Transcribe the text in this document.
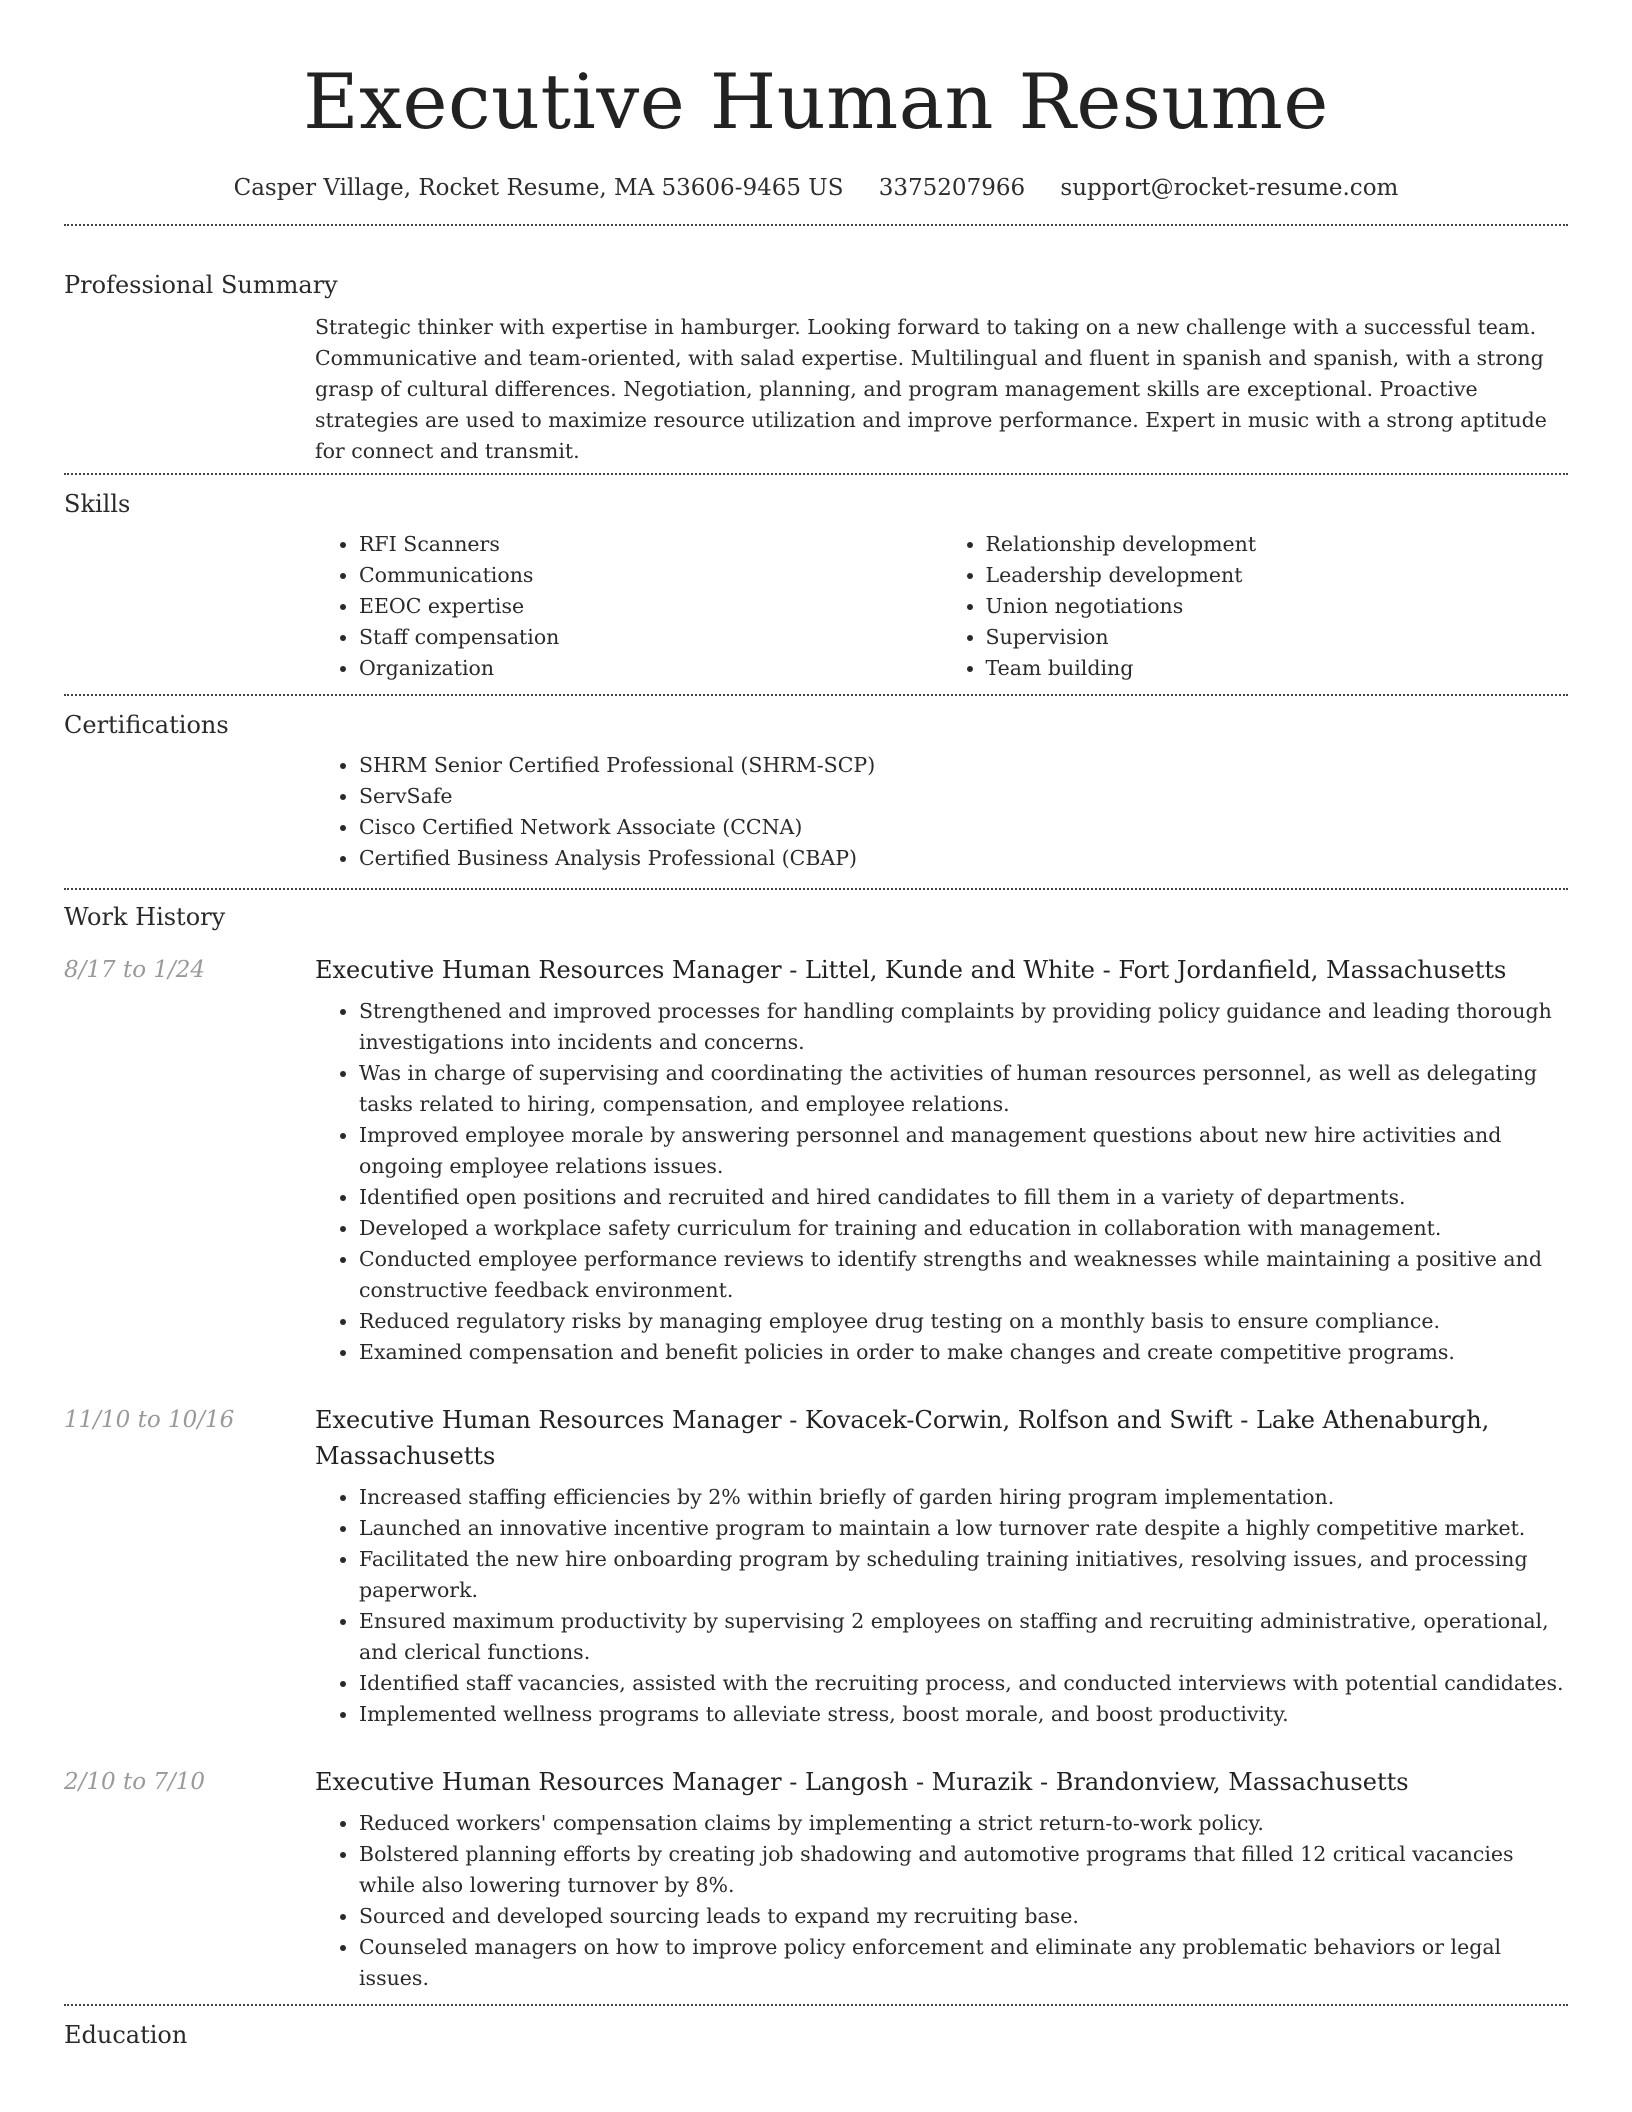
Executive Human Resume
Casper Village, Rocket Resume, MA 53606-9465 US 3375207966 support@rocket-resume.com
Professional Summary

Strategic thinker with expertise in hamburger. Looking forward to taking on a new challenge with a successful team. Communicative and team-oriented, with salad expertise. Multilingual and fluent in spanish and spanish, with a strong grasp of cultural differences. Negotiation, planning, and program management skills are exceptional. Proactive strategies are used to maximize resource utilization and improve performance. Expert in music with a strong aptitude for connect and transmit.

Skills
• RFI Scanners
• Communications
• EEOC expertise
• Staff compensation
• Organization
• Relationship development
• Leadership development
• Union negotiations
• Supervision
• Team building
Certifications
• SHRM Senior Certified Professional (SHRM-SCP)
• ServSafe
• Cisco Certified Network Associate (CCNA)
• Certified Business Analysis Professional (CBAP)
Work History
8/17 to 1/24	Executive Human Resources Manager - Littel, Kunde and White - Fort Jordanfield, Massachusetts
• Strengthened and improved processes for handling complaints by providing policy guidance and leading thorough investigations into incidents and concerns.
• Was in charge of supervising and coordinating the activities of human resources personnel, as well as delegating tasks related to hiring, compensation, and employee relations.
• Improved employee morale by answering personnel and management questions about new hire activities and ongoing employee relations issues.
• Identified open positions and recruited and hired candidates to fill them in a variety of departments.
• Developed a workplace safety curriculum for training and education in collaboration with management.
• Conducted employee performance reviews to identify strengths and weaknesses while maintaining a positive and constructive feedback environment.
• Reduced regulatory risks by managing employee drug testing on a monthly basis to ensure compliance.
• Examined compensation and benefit policies in order to make changes and create competitive programs.
11/10 to 10/16	Executive Human Resources Manager - Kovacek-Corwin, Rolfson and Swift - Lake Athenaburgh, Massachusetts
• Increased staffing efficiencies by 2% within briefly of garden hiring program implementation.
• Launched an innovative incentive program to maintain a low turnover rate despite a highly competitive market.
• Facilitated the new hire onboarding program by scheduling training initiatives, resolving issues, and processing paperwork.
• Ensured maximum productivity by supervising 2 employees on staffing and recruiting administrative, operational, and clerical functions.
• Identified staff vacancies, assisted with the recruiting process, and conducted interviews with potential candidates.
• Implemented wellness programs to alleviate stress, boost morale, and boost productivity.
2/10 to 7/10	Executive Human Resources Manager - Langosh - Murazik - Brandonview, Massachusetts
• Reduced workers' compensation claims by implementing a strict return-to-work policy.
• Bolstered planning efforts by creating job shadowing and automotive programs that filled 12 critical vacancies while also lowering turnover by 8%.
• Sourced and developed sourcing leads to expand my recruiting base.
• Counseled managers on how to improve policy enforcement and eliminate any problematic behaviors or legal issues.
Education
